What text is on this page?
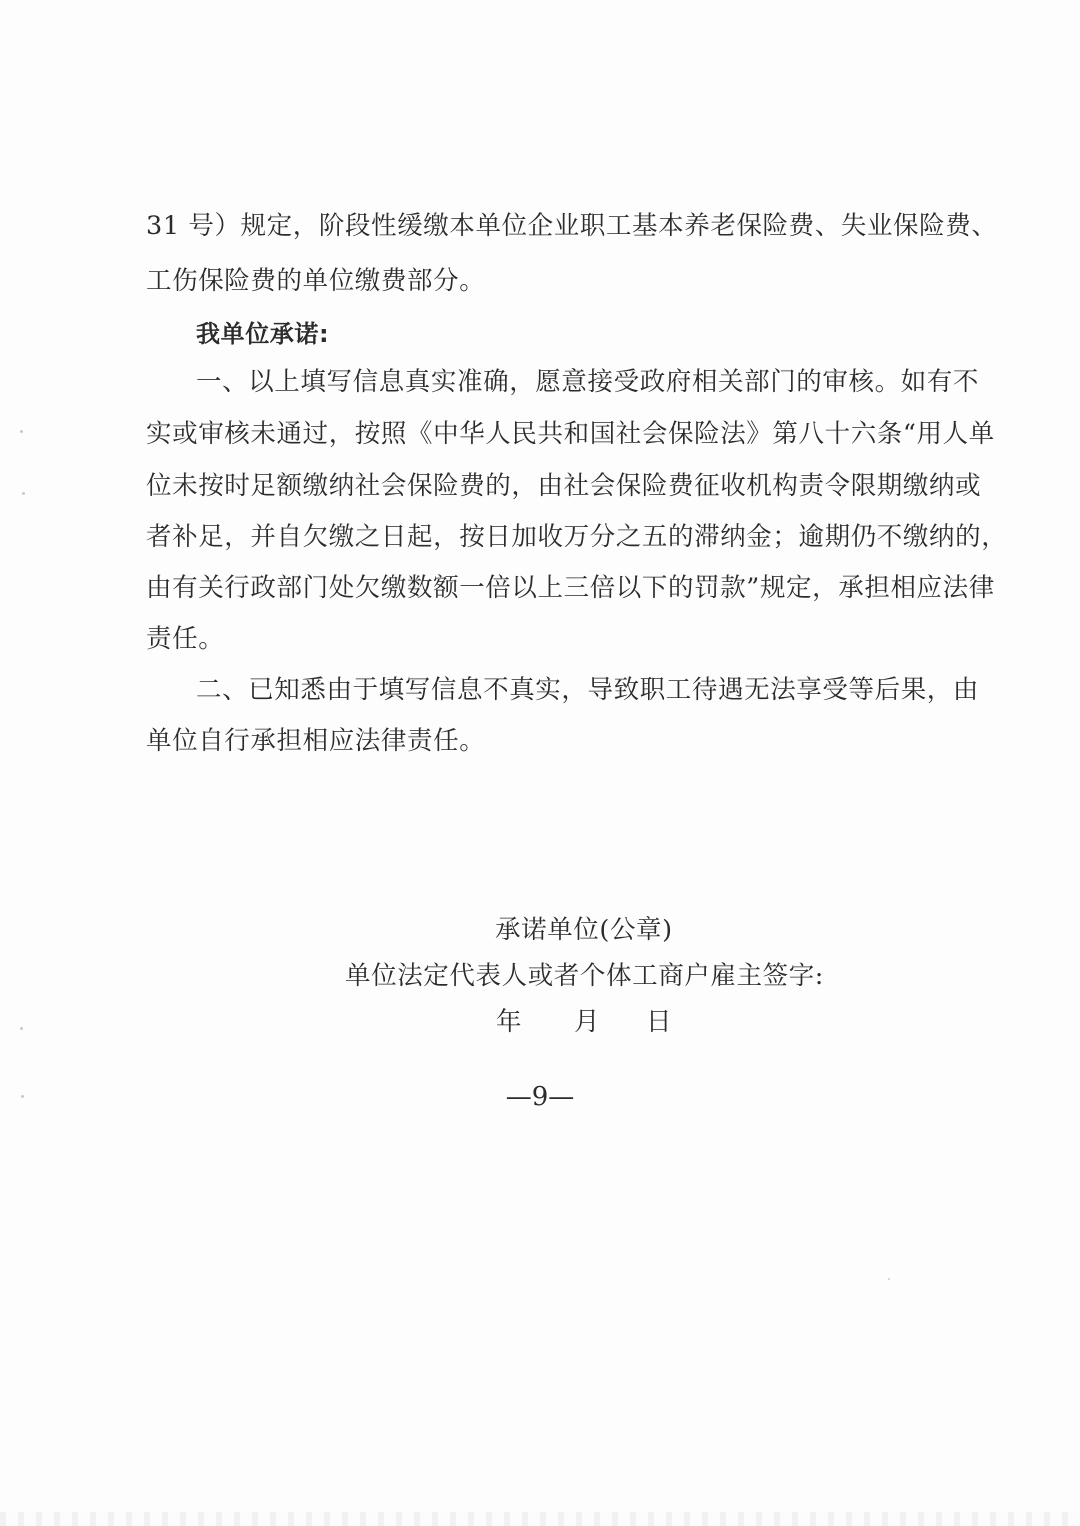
31 号）规定，阶段性缓缴本单位企业职工基本养老保险费、失业保险费、
工伤保险费的单位缴费部分。
我单位承诺:
一、以上填写信息真实准确，愿意接受政府相关部门的审核。如有不
实或审核未通过，按照《中华人民共和国社会保险法》第八十六条“用人单
位未按时足额缴纳社会保险费的，由社会保险费征收机构责令限期缴纳或
者补足，并自欠缴之日起，按日加收万分之五的滞纳金；逾期仍不缴纳的，
由有关行政部门处欠缴数额一倍以上三倍以下的罚款”规定，承担相应法律
责任。
二、已知悉由于填写信息不真实，导致职工待遇无法享受等后果，由
单位自行承担相应法律责任。
承诺单位(公章)
单位法定代表人或者个体工商户雇主签字:
年 月 日
—9—
